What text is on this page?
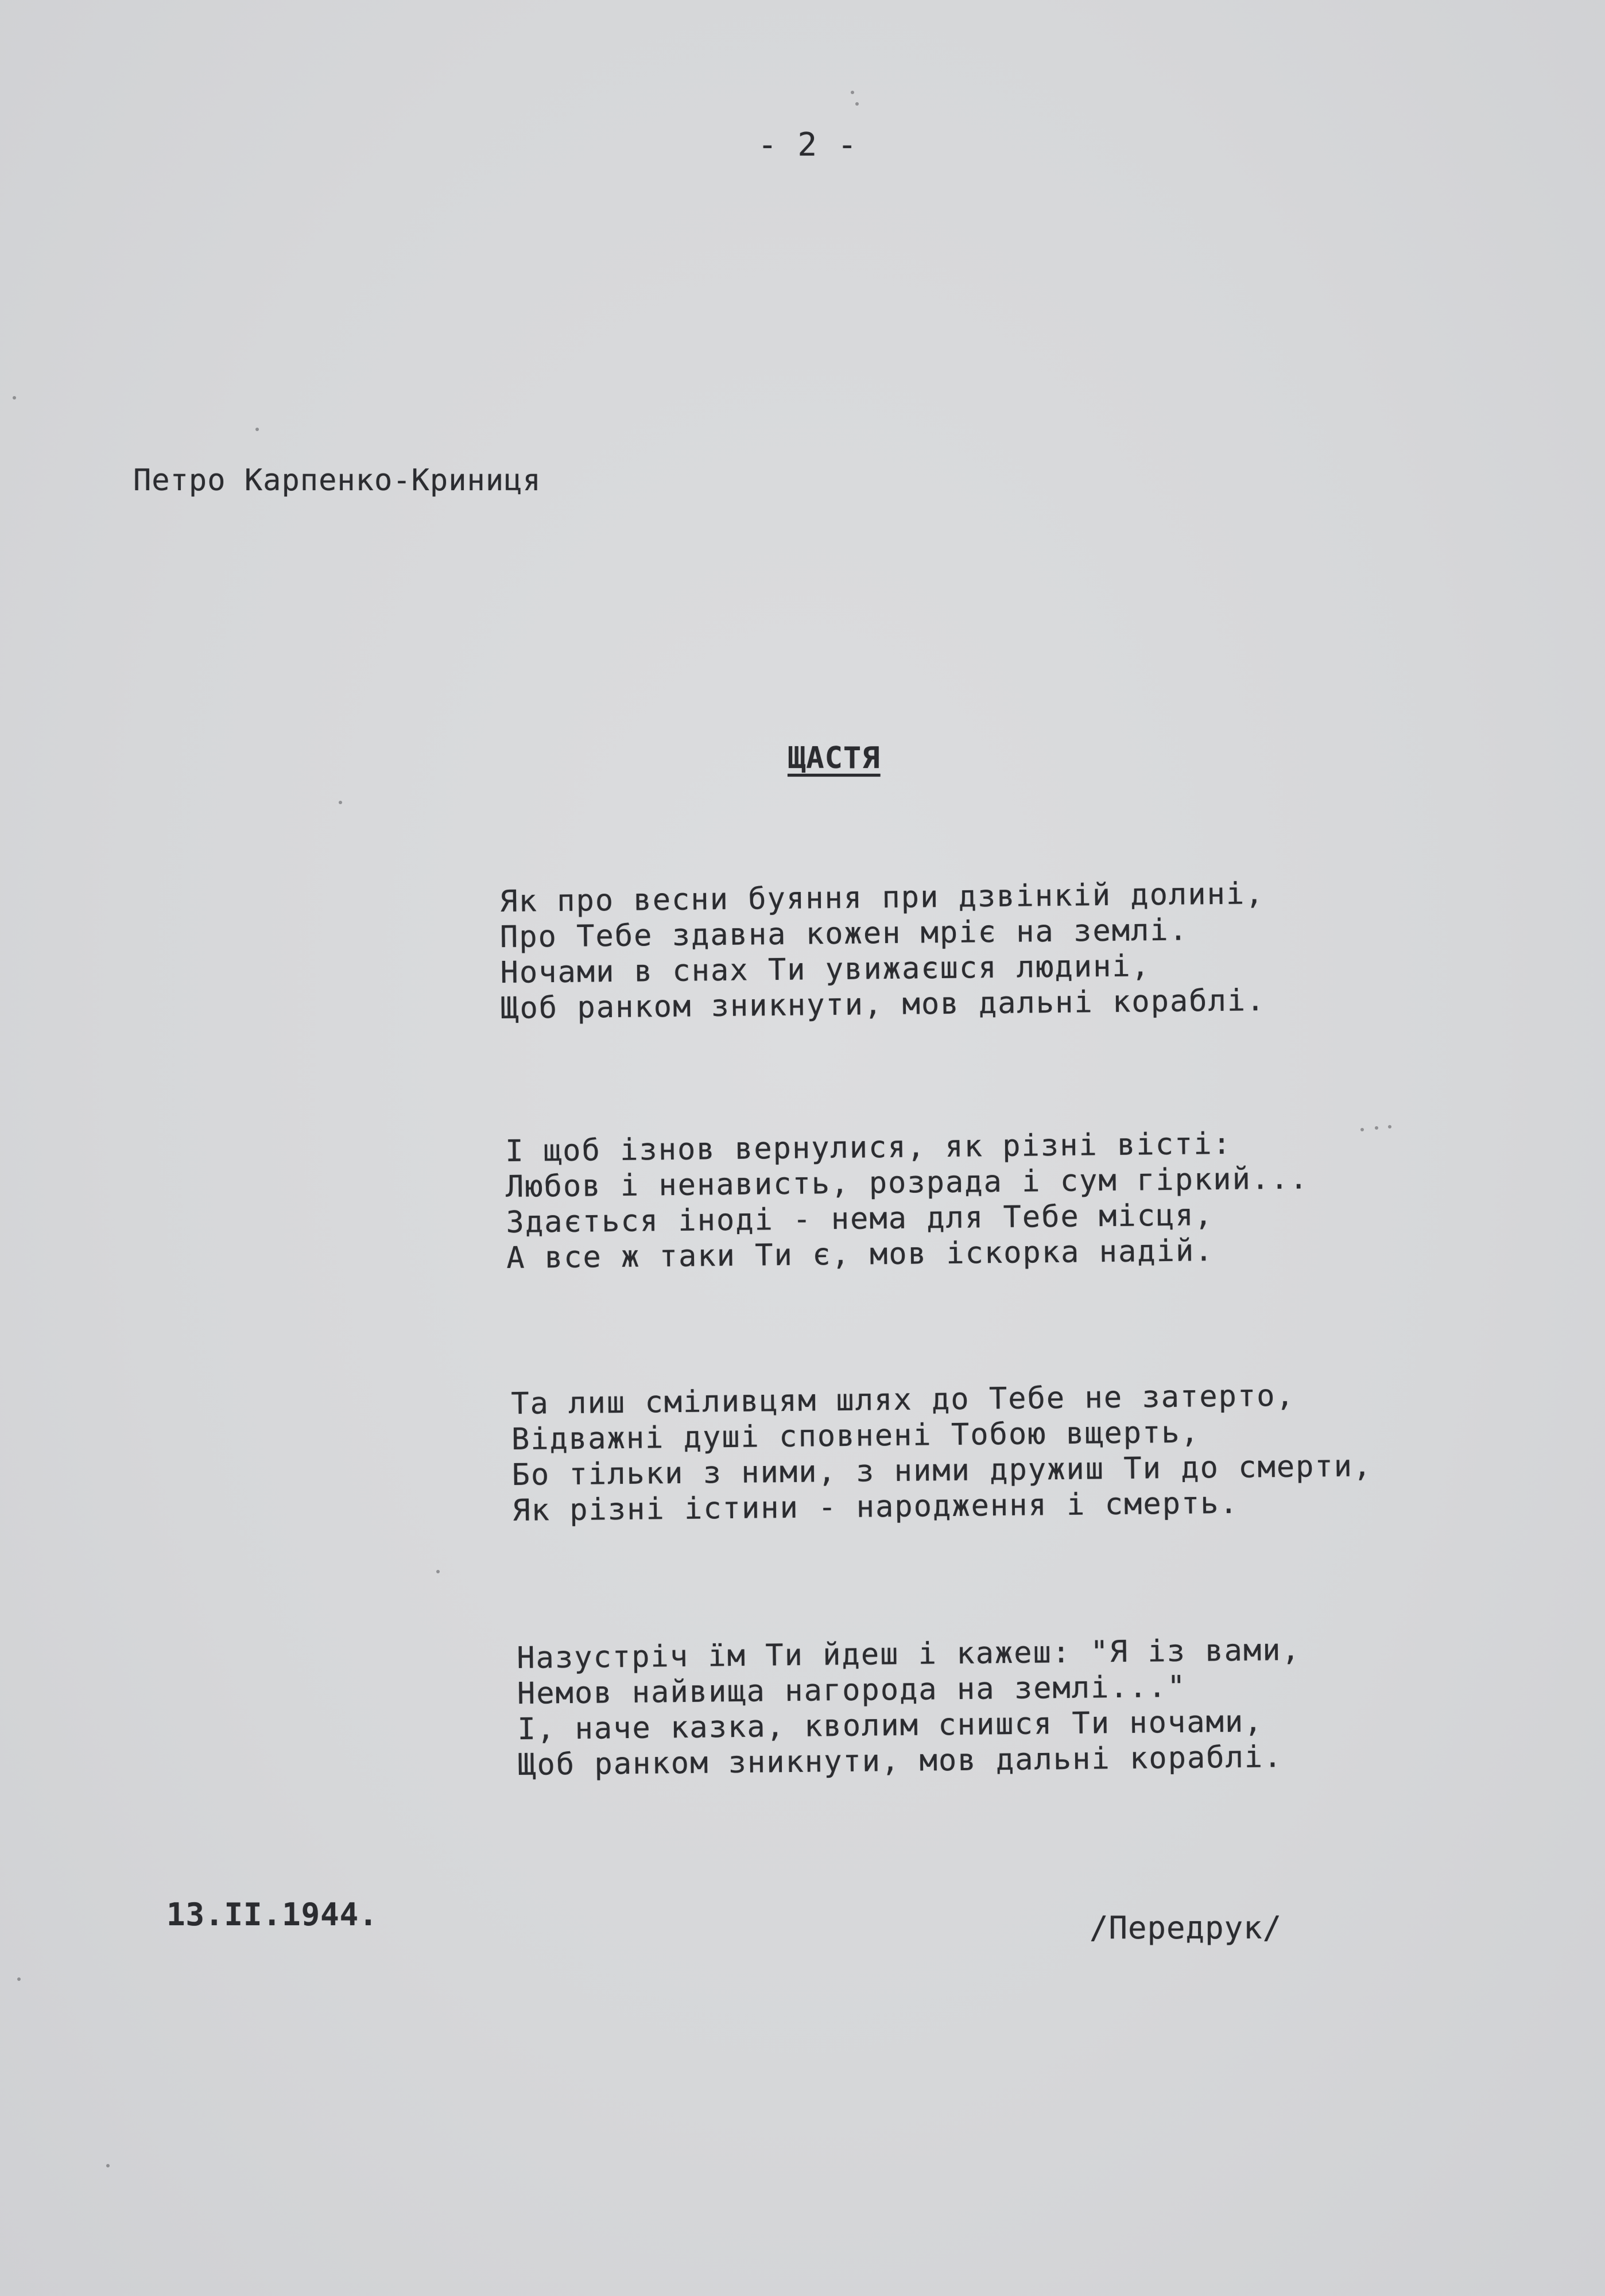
- 2 -
Петро Карпенко-Криниця
ЩАСТЯ
Як про весни буяння при дзвінкій долині,
Про Тебе здавна кожен мріє на землі.
Ночами в снах Ти увижаєшся людині,
Щоб ранком зникнути, мов дальні кораблі.
І щоб ізнов вернулися, як різні вісті:
Любов і ненависть, розрада і сум гіркий...
Здається іноді - нема для Тебе місця,
А все ж таки Ти є, мов іскорка надій.
Та лиш сміливцям шлях до Тебе не затерто,
Відважні душі сповнені Тобою вщерть,
Бо тільки з ними, з ними дружиш Ти до смерти,
Як різні істини - народження і смерть.
Назустріч їм Ти йдеш і кажеш: "Я із вами,
Немов найвища нагорода на землі..."
І, наче казка, кволим снишся Ти ночами,
Щоб ранком зникнути, мов дальні кораблі.
13.II.1944.	/Передрук/
